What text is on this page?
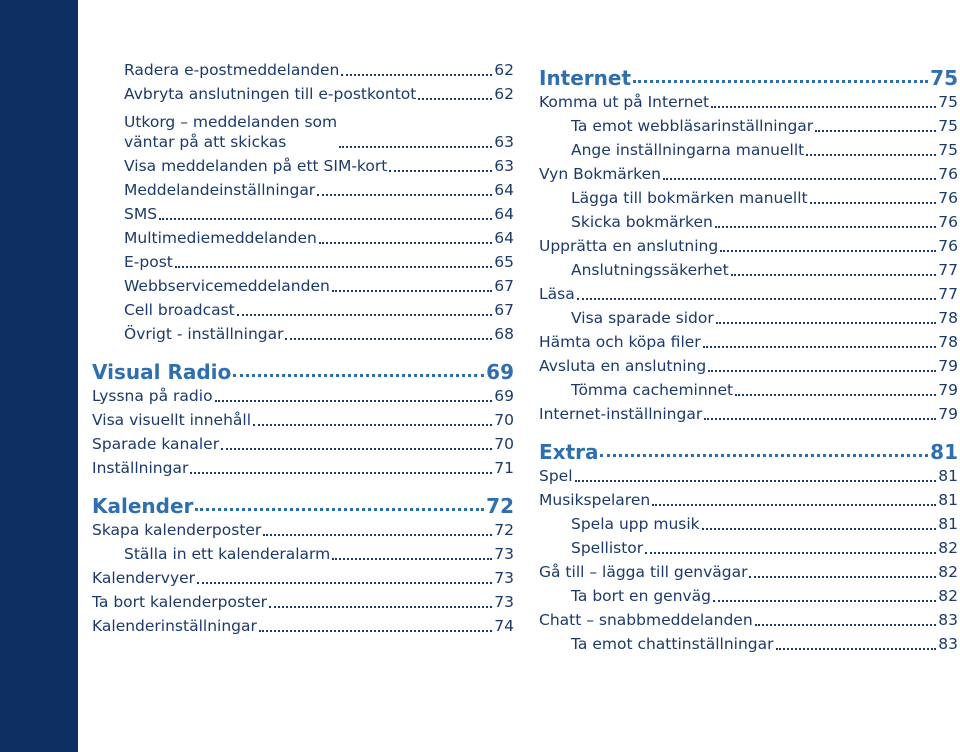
Radera e-postmeddelanden	62
Avbryta anslutningen till e-postkontot	62
Utkorg – meddelanden som
väntar på att skickas	63
Visa meddelanden på ett SIM-kort	63
Meddelandeinställningar	64
SMS	64
Multimediemeddelanden	64
E-post	65
Webbservicemeddelanden	67
Cell broadcast	67
Övrigt - inställningar	68
Visual Radio	69
Lyssna på radio	69
Visa visuellt innehåll	70
Sparade kanaler	70
Inställningar	71
Kalender	72
Skapa kalenderposter	72
Ställa in ett kalenderalarm	73
Kalendervyer	73
Ta bort kalenderposter	73
Kalenderinställningar	74
Internet	75
Komma ut på Internet	75
Ta emot webbläsarinställningar	75
Ange inställningarna manuellt	75
Vyn Bokmärken	76
Lägga till bokmärken manuellt	76
Skicka bokmärken	76
Upprätta en anslutning	76
Anslutningssäkerhet	77
Läsa	77
Visa sparade sidor	78
Hämta och köpa filer	78
Avsluta en anslutning	79
Tömma cacheminnet	79
Internet-inställningar	79
Extra	81
Spel	81
Musikspelaren	81
Spela upp musik	81
Spellistor	82
Gå till – lägga till genvägar	82
Ta bort en genväg	82
Chatt – snabbmeddelanden	83
Ta emot chattinställningar	83
